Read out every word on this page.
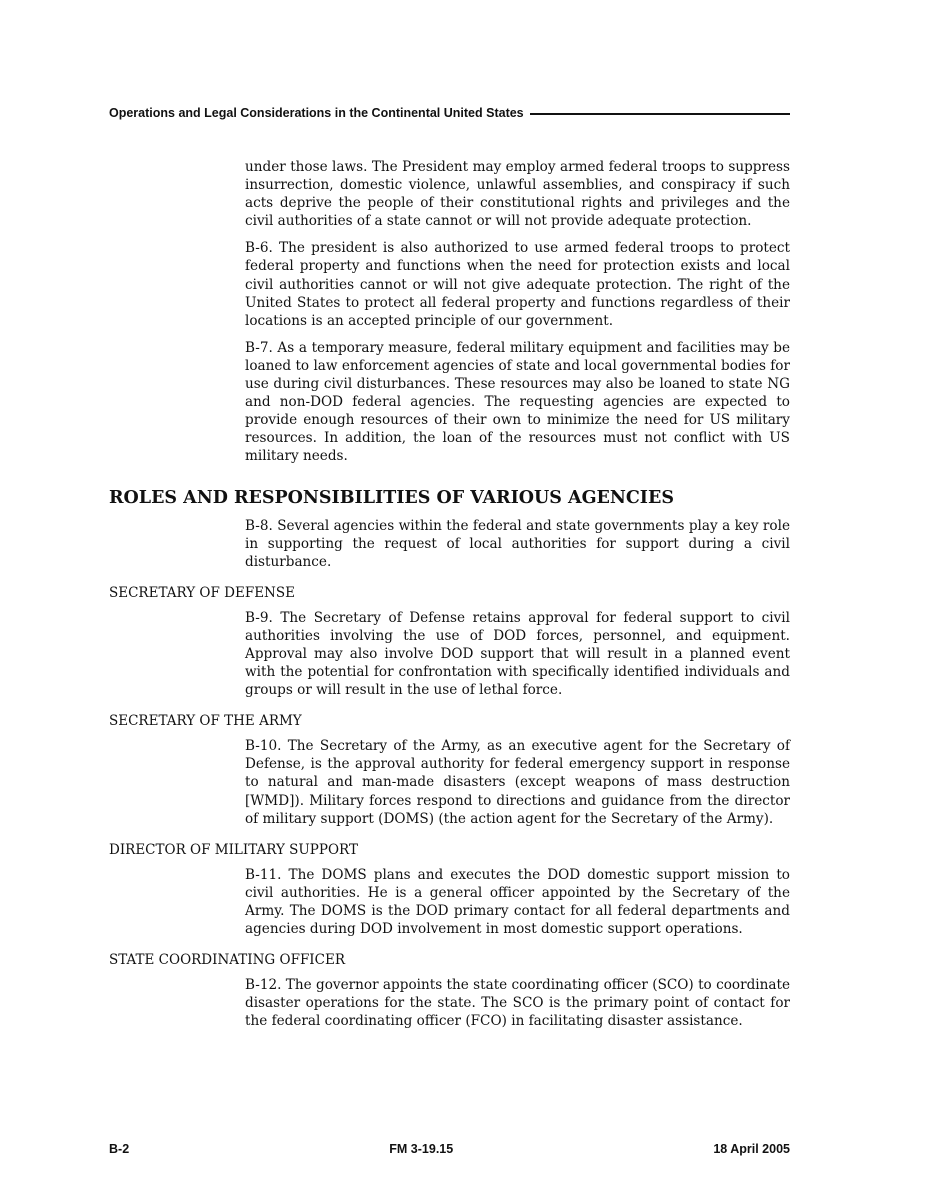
Operations and Legal Considerations in the Continental United States

under those laws. The President may employ armed federal troops to suppress insurrection, domestic violence, unlawful assemblies, and conspiracy if such acts deprive the people of their constitutional rights and privileges and the civil authorities of a state cannot or will not provide adequate protection.

B-6. The president is also authorized to use armed federal troops to protect federal property and functions when the need for protection exists and local civil authorities cannot or will not give adequate protection. The right of the United States to protect all federal property and functions regardless of their locations is an accepted principle of our government.

B-7. As a temporary measure, federal military equipment and facilities may be loaned to law enforcement agencies of state and local governmental bodies for use during civil disturbances. These resources may also be loaned to state NG and non-DOD federal agencies. The requesting agencies are expected to provide enough resources of their own to minimize the need for US military resources. In addition, the loan of the resources must not conflict with US military needs.

ROLES AND RESPONSIBILITIES OF VARIOUS AGENCIES

B-8. Several agencies within the federal and state governments play a key role in supporting the request of local authorities for support during a civil disturbance.

SECRETARY OF DEFENSE

B-9. The Secretary of Defense retains approval for federal support to civil authorities involving the use of DOD forces, personnel, and equipment. Approval may also involve DOD support that will result in a planned event with the potential for confrontation with specifically identified individuals and groups or will result in the use of lethal force.

SECRETARY OF THE ARMY

B-10. The Secretary of the Army, as an executive agent for the Secretary of Defense, is the approval authority for federal emergency support in response to natural and man-made disasters (except weapons of mass destruction [WMD]). Military forces respond to directions and guidance from the director of military support (DOMS) (the action agent for the Secretary of the Army).

DIRECTOR OF MILITARY SUPPORT

B-11. The DOMS plans and executes the DOD domestic support mission to civil authorities. He is a general officer appointed by the Secretary of the Army. The DOMS is the DOD primary contact for all federal departments and agencies during DOD involvement in most domestic support operations.

STATE COORDINATING OFFICER

B-12. The governor appoints the state coordinating officer (SCO) to coordinate disaster operations for the state. The SCO is the primary point of contact for the federal coordinating officer (FCO) in facilitating disaster assistance.

B-2	FM 3-19.15	18 April 2005
